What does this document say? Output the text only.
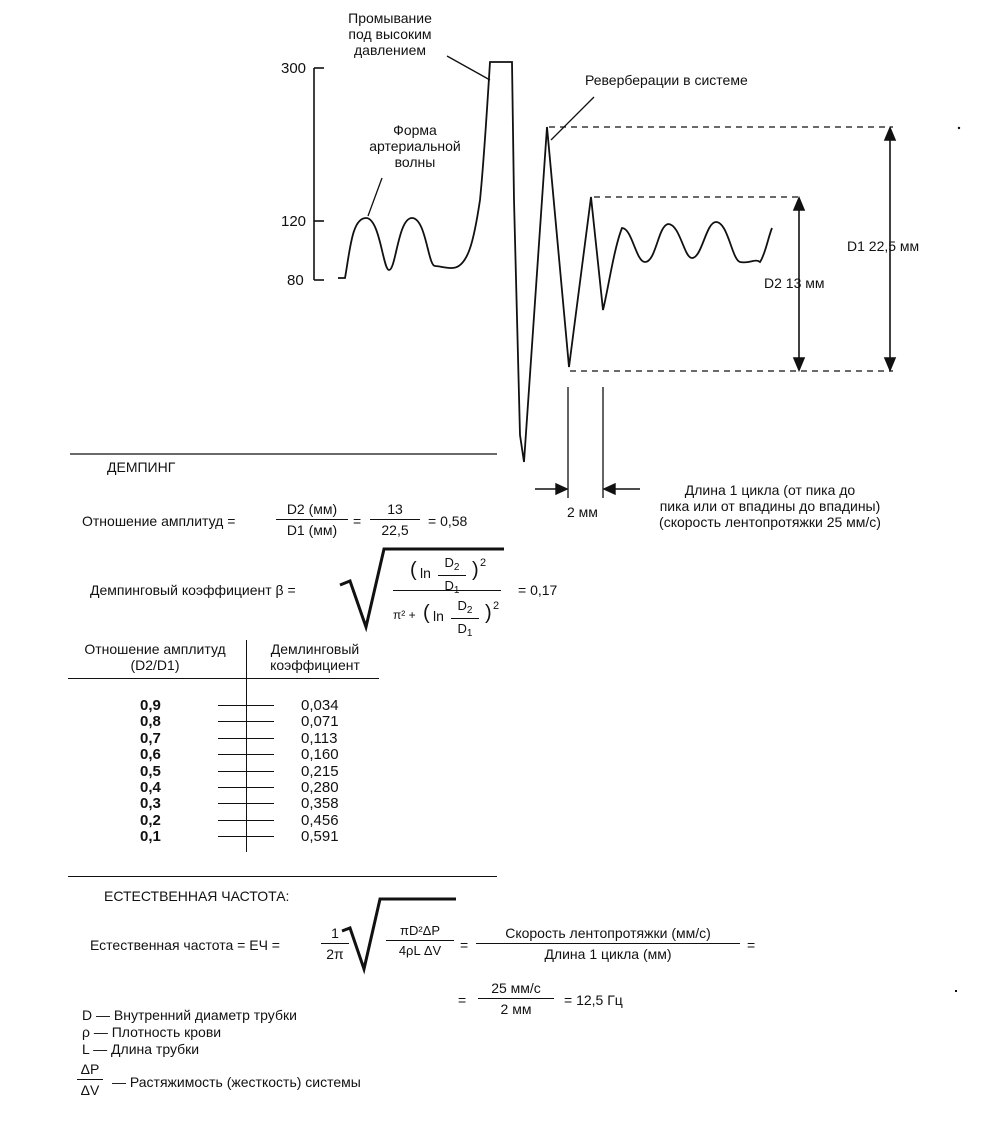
300
120
80
Промывание
под высоким
давлением
Форма
артериальной
волны
Реверберации в системе
D1 22,5 мм
D2 13 мм
2 мм
Длина 1 цикла (от пика до
пика или от впадины до впадины)
(скорость лентопротяжки 25 мм/с)
ДЕМПИНГ
Отношение амплитуд =
D2 (мм)
D1 (мм)
= $\frac{13}{22,5} = 0,58$
Демпинговый коэффициент β =
( $\ln \frac{D_2}{D_1}$ ) 2
π² + ( $\ln \frac{D_2}{D_1}$ ) 2
= 0,17
Отношение амплитуд
(D2/D1)
Демлинговый
коэффициент
0,9	0,034
0,8	0,071
0,7	0,113
0,6	0,160
0,5	0,215
0,4	0,280
0,3	0,358
0,2	0,456
0,1	0,591
ЕСТЕСТВЕННАЯ ЧАСТОТА:
Естественная частота = ЕЧ =	$\frac{1}{2\pi}$	$\frac{\text{πD²ΔP}}{\text{4ρL ΔV}}$ =
Скорость лентопротяжки (мм/с)
Длина 1 цикла (мм)
=
=
25 мм/с
2 мм
= 12,5 Гц
D — Внутренний диаметр трубки
ρ — Плотность крови
L — Длина трубки
$\frac{\Delta P}{\Delta V}$ — Растяжимость (жесткость) системы
